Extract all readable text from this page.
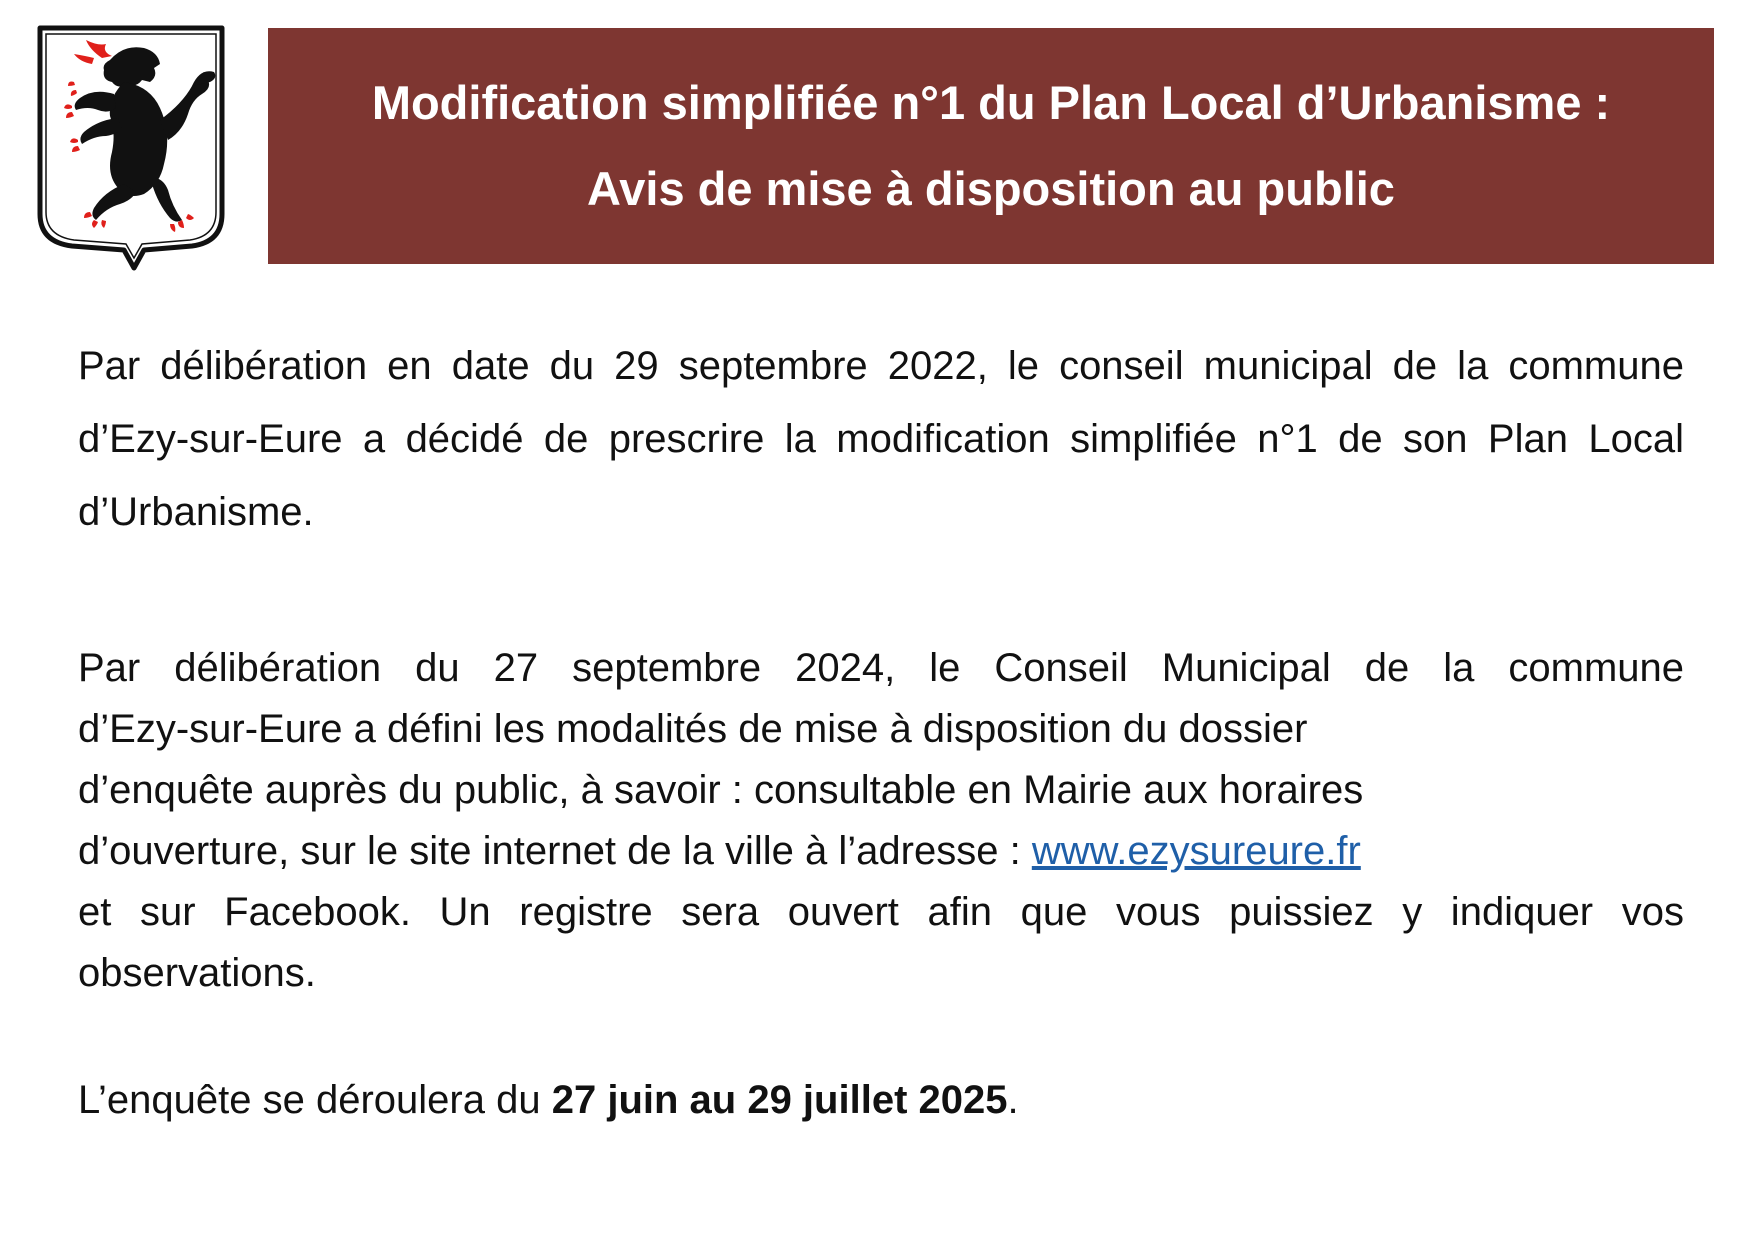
Modification simplifiée n°1 du Plan Local d’Urbanisme :
Avis de mise à disposition au public
Par délibération en date du 29 septembre 2022, le conseil municipal de la commune d’Ezy-sur-Eure a décidé de prescrire la modification simplifiée n°1 de son Plan Local d’Urbanisme.
Par délibération du 27 septembre 2024, le Conseil Municipal de la commune
d’Ezy-sur-Eure a défini les modalités de mise à disposition du dossier
d’enquête auprès du public, à savoir : consultable en Mairie aux horaires
d’ouverture, sur le site internet de la ville à l’adresse : www.ezysureure.fr
et sur Facebook. Un registre sera ouvert afin que vous puissiez y indiquer vos
observations.
L’enquête se déroulera du 27 juin au 29 juillet 2025.
